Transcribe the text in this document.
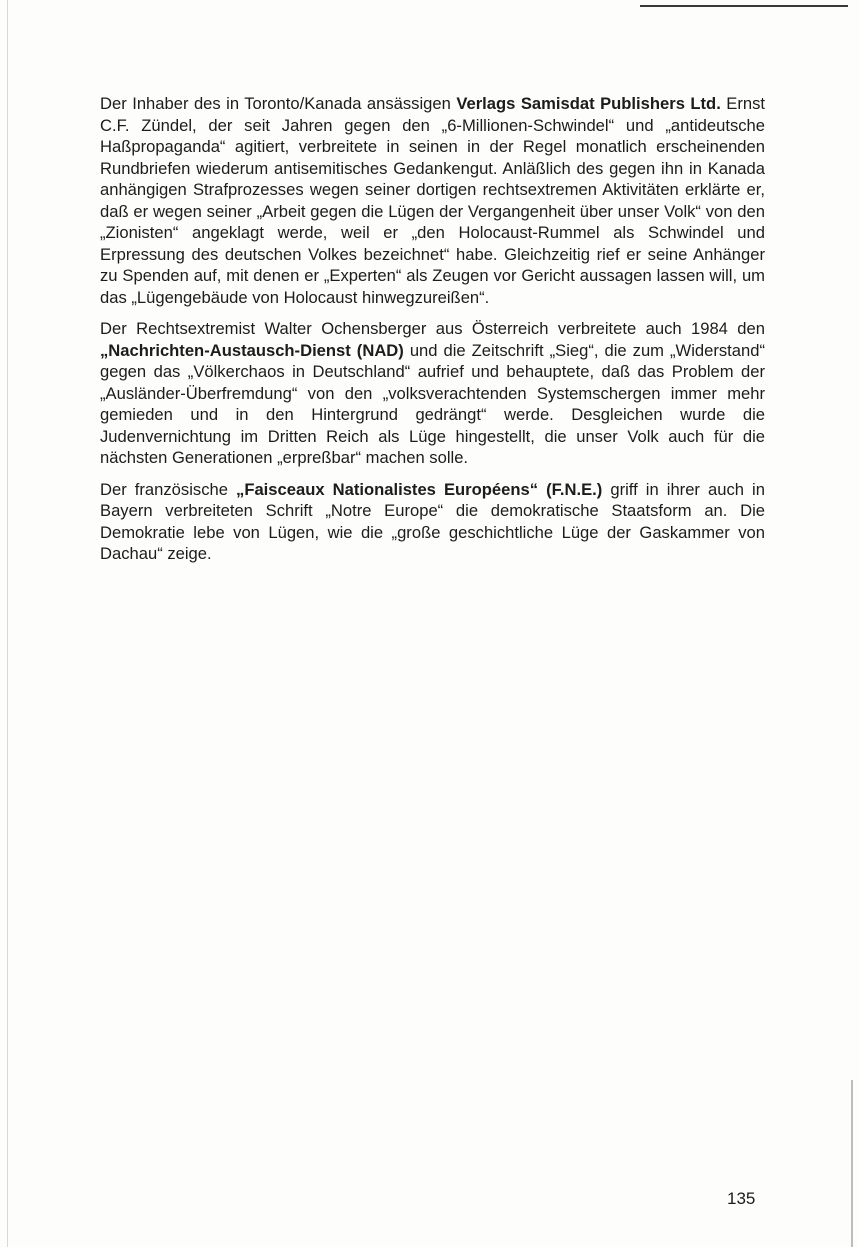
Der Inhaber des in Toronto/Kanada ansässigen Verlags Samisdat Publishers Ltd. Ernst C.F. Zündel, der seit Jahren gegen den „6-Millionen-Schwindel“ und „antideutsche Haßpropaganda“ agitiert, verbreitete in seinen in der Regel monatlich erscheinenden Rundbriefen wiederum antisemitisches Gedankengut. Anläßlich des gegen ihn in Kanada anhängigen Strafprozesses wegen seiner dortigen rechtsextremen Aktivitäten erklärte er, daß er wegen seiner „Arbeit gegen die Lügen der Vergangenheit über unser Volk“ von den „Zionisten“ angeklagt werde, weil er „den Holocaust-Rummel als Schwindel und Erpressung des deutschen Volkes bezeichnet“ habe. Gleichzeitig rief er seine Anhänger zu Spenden auf, mit denen er „Experten“ als Zeugen vor Gericht aussagen lassen will, um das „Lügengebäude von Holocaust hinwegzureißen“.

Der Rechtsextremist Walter Ochensberger aus Österreich verbreitete auch 1984 den „Nachrichten-Austausch-Dienst (NAD) und die Zeitschrift „Sieg“, die zum „Widerstand“ gegen das „Völkerchaos in Deutschland“ aufrief und behauptete, daß das Problem der „Ausländer-Überfremdung“ von den „volksverachtenden Systemschergen immer mehr gemieden und in den Hintergrund gedrängt“ werde. Desgleichen wurde die Judenvernichtung im Dritten Reich als Lüge hingestellt, die unser Volk auch für die nächsten Generationen „erpreßbar“ machen solle.

Der französische „Faisceaux Nationalistes Européens“ (F.N.E.) griff in ihrer auch in Bayern verbreiteten Schrift „Notre Europe“ die demokratische Staatsform an. Die Demokratie lebe von Lügen, wie die „große geschichtliche Lüge der Gaskammer von Dachau“ zeige.

135
